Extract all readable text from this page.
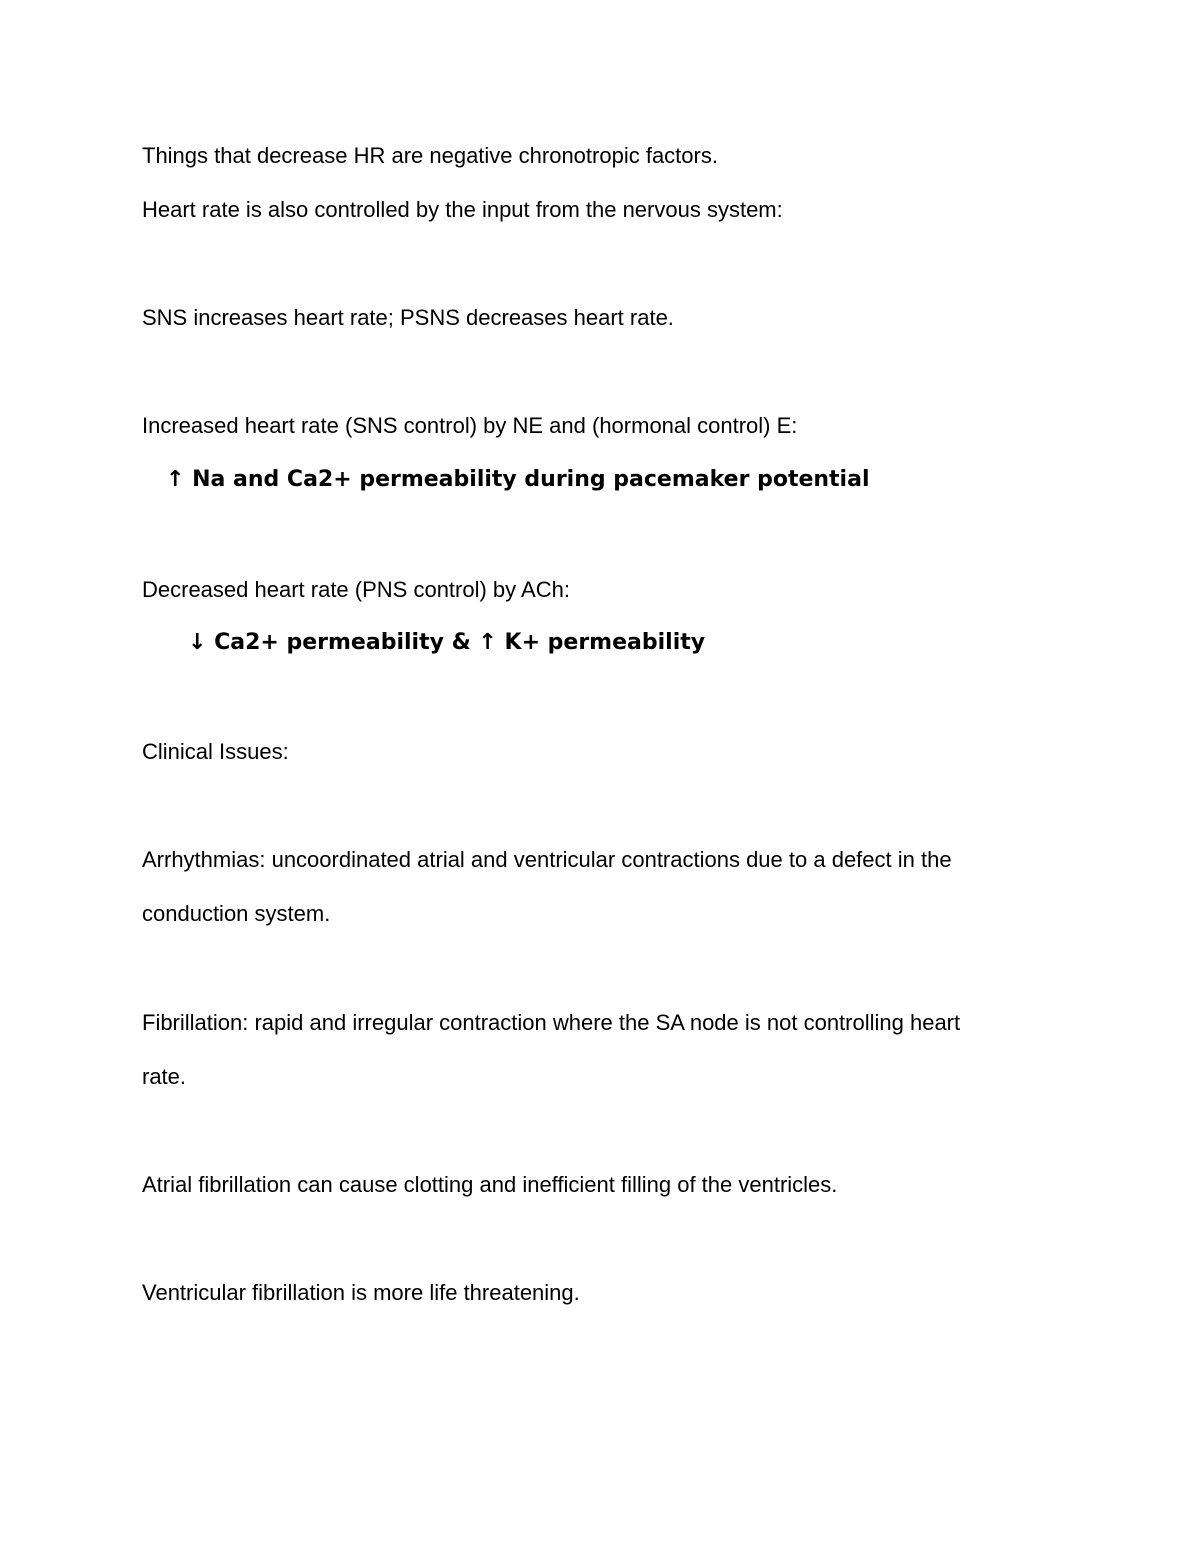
Things that decrease HR are negative chronotropic factors.
Heart rate is also controlled by the input from the nervous system:
SNS increases heart rate; PSNS decreases heart rate.
Increased heart rate (SNS control) by NE and (hormonal control) E:
↑ Na and Ca2+ permeability during pacemaker potential
Decreased heart rate (PNS control) by ACh:
↓ Ca2+ permeability & ↑ K+ permeability
Clinical Issues:
Arrhythmias: uncoordinated atrial and ventricular contractions due to a defect in the
conduction system.
Fibrillation: rapid and irregular contraction where the SA node is not controlling heart
rate.
Atrial fibrillation can cause clotting and inefficient filling of the ventricles.
Ventricular fibrillation is more life threatening.
